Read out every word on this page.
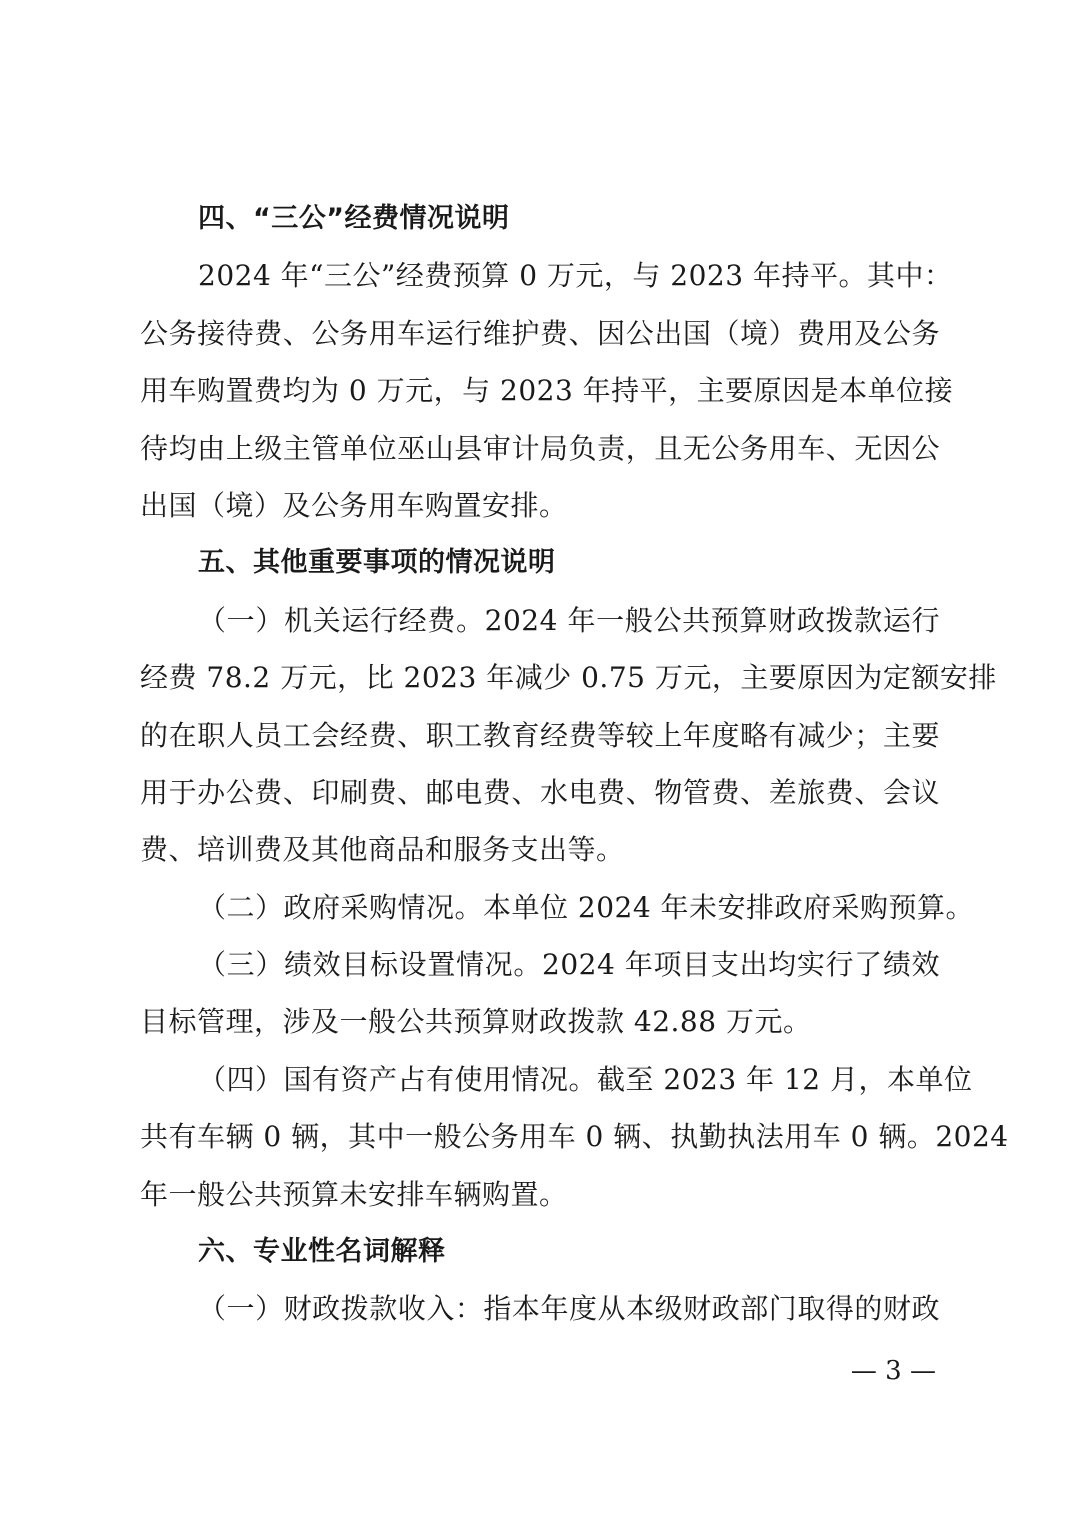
四、“三公”经费情况说明
2024 年“三公”经费预算 0 万元，与 2023 年持平。其中：
公务接待费、公务用车运行维护费、因公出国（境）费用及公务
用车购置费均为 0 万元，与 2023 年持平，主要原因是本单位接
待均由上级主管单位巫山县审计局负责，且无公务用车、无因公
出国（境）及公务用车购置安排。
五、其他重要事项的情况说明
（一）机关运行经费。2024 年一般公共预算财政拨款运行
经费 78.2 万元，比 2023 年减少 0.75 万元，主要原因为定额安排
的在职人员工会经费、职工教育经费等较上年度略有减少；主要
用于办公费、印刷费、邮电费、水电费、物管费、差旅费、会议
费、培训费及其他商品和服务支出等。
（二）政府采购情况。本单位 2024 年未安排政府采购预算。
（三）绩效目标设置情况。2024 年项目支出均实行了绩效
目标管理，涉及一般公共预算财政拨款 42.88 万元。
（四）国有资产占有使用情况。截至 2023 年 12 月，本单位
共有车辆 0 辆，其中一般公务用车 0 辆、执勤执法用车 0 辆。2024
年一般公共预算未安排车辆购置。
六、专业性名词解释
（一）财政拨款收入：指本年度从本级财政部门取得的财政
— 3 —
